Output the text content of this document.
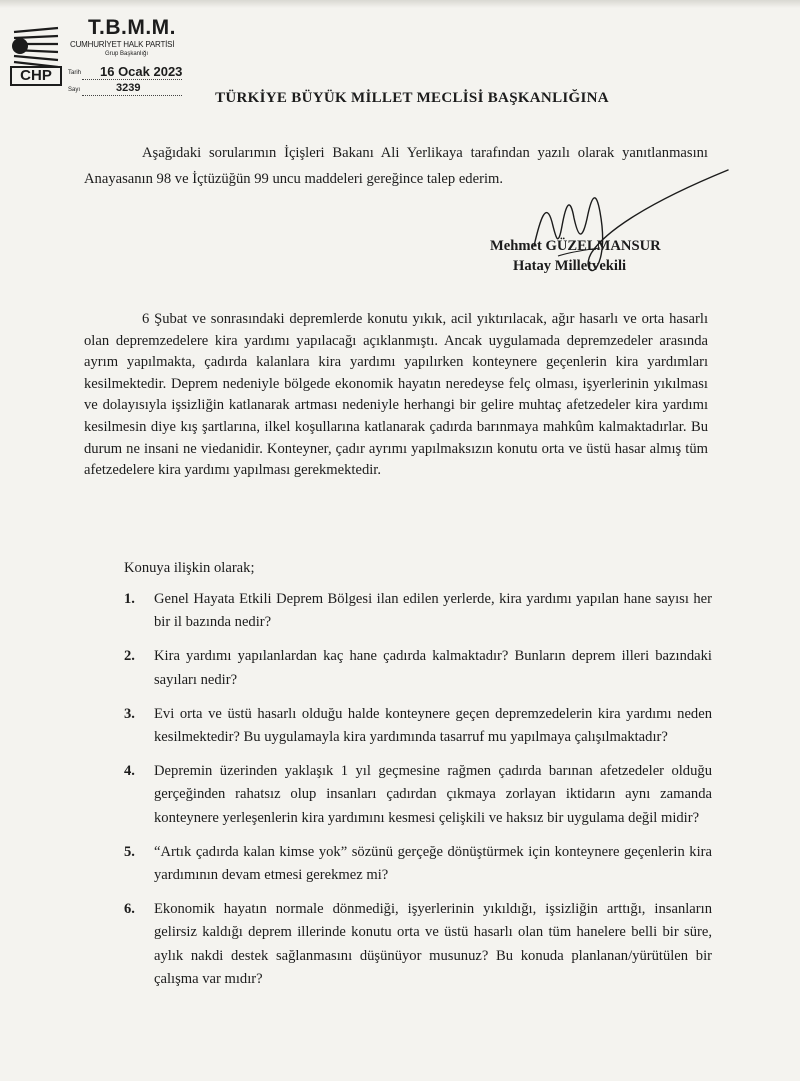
CHP
T.B.M.M.
CUMHURİYET HALK PARTİSİ
Grup Başkanlığı
Tarih 16 Ocak 2023
Sayı	3239
TÜRKİYE BÜYÜK MİLLET MECLİSİ BAŞKANLIĞINA

Aşağıdaki sorularımın İçişleri Bakanı Ali Yerlikaya tarafından yazılı olarak yanıtlanmasını Anayasanın 98 ve İçtüzüğün 99 uncu maddeleri gereğince talep ederim.

Mehmet GÜZELMANSUR
Hatay Milletvekili

6 Şubat ve sonrasındaki depremlerde konutu yıkık, acil yıktırılacak, ağır hasarlı ve orta hasarlı olan depremzedelere kira yardımı yapılacağı açıklanmıştı. Ancak uygulamada depremzedeler arasında ayrım yapılmakta, çadırda kalanlara kira yardımı yapılırken konteynere geçenlerin kira yardımları kesilmektedir. Deprem nedeniyle bölgede ekonomik hayatın neredeyse felç olması, işyerlerinin yıkılması ve dolayısıyla işsizliğin katlanarak artması nedeniyle herhangi bir gelire muhtaç afetzedeler kira yardımı kesilmesin diye kış şartlarına, ilkel koşullarına katlanarak çadırda barınmaya mahkûm kalmaktadırlar. Bu durum ne insani ne viedanidir. Konteyner, çadır ayrımı yapılmaksızın konutu orta ve üstü hasar almış tüm afetzedelere kira yardımı yapılması gerekmektedir.

Konuya ilişkin olarak;
1. Genel Hayata Etkili Deprem Bölgesi ilan edilen yerlerde, kira yardımı yapılan hane sayısı her bir il bazında nedir?
2. Kira yardımı yapılanlardan kaç hane çadırda kalmaktadır? Bunların deprem illeri bazındaki sayıları nedir?
3. Evi orta ve üstü hasarlı olduğu halde konteynere geçen depremzedelerin kira yardımı neden kesilmektedir? Bu uygulamayla kira yardımında tasarruf mu yapılmaya çalışılmaktadır?
4. Depremin üzerinden yaklaşık 1 yıl geçmesine rağmen çadırda barınan afetzedeler olduğu gerçeğinden rahatsız olup insanları çadırdan çıkmaya zorlayan iktidarın aynı zamanda konteynere yerleşenlerin kira yardımını kesmesi çelişkili ve haksız bir uygulama değil midir?
5. “Artık çadırda kalan kimse yok” sözünü gerçeğe dönüştürmek için konteynere geçenlerin kira yardımının devam etmesi gerekmez mi?
6. Ekonomik hayatın normale dönmediği, işyerlerinin yıkıldığı, işsizliğin arttığı, insanların gelirsiz kaldığı deprem illerinde konutu orta ve üstü hasarlı olan tüm hanelere belli bir süre, aylık nakdi destek sağlanmasını düşünüyor musunuz? Bu konuda planlanan/yürütülen bir çalışma var mıdır?
